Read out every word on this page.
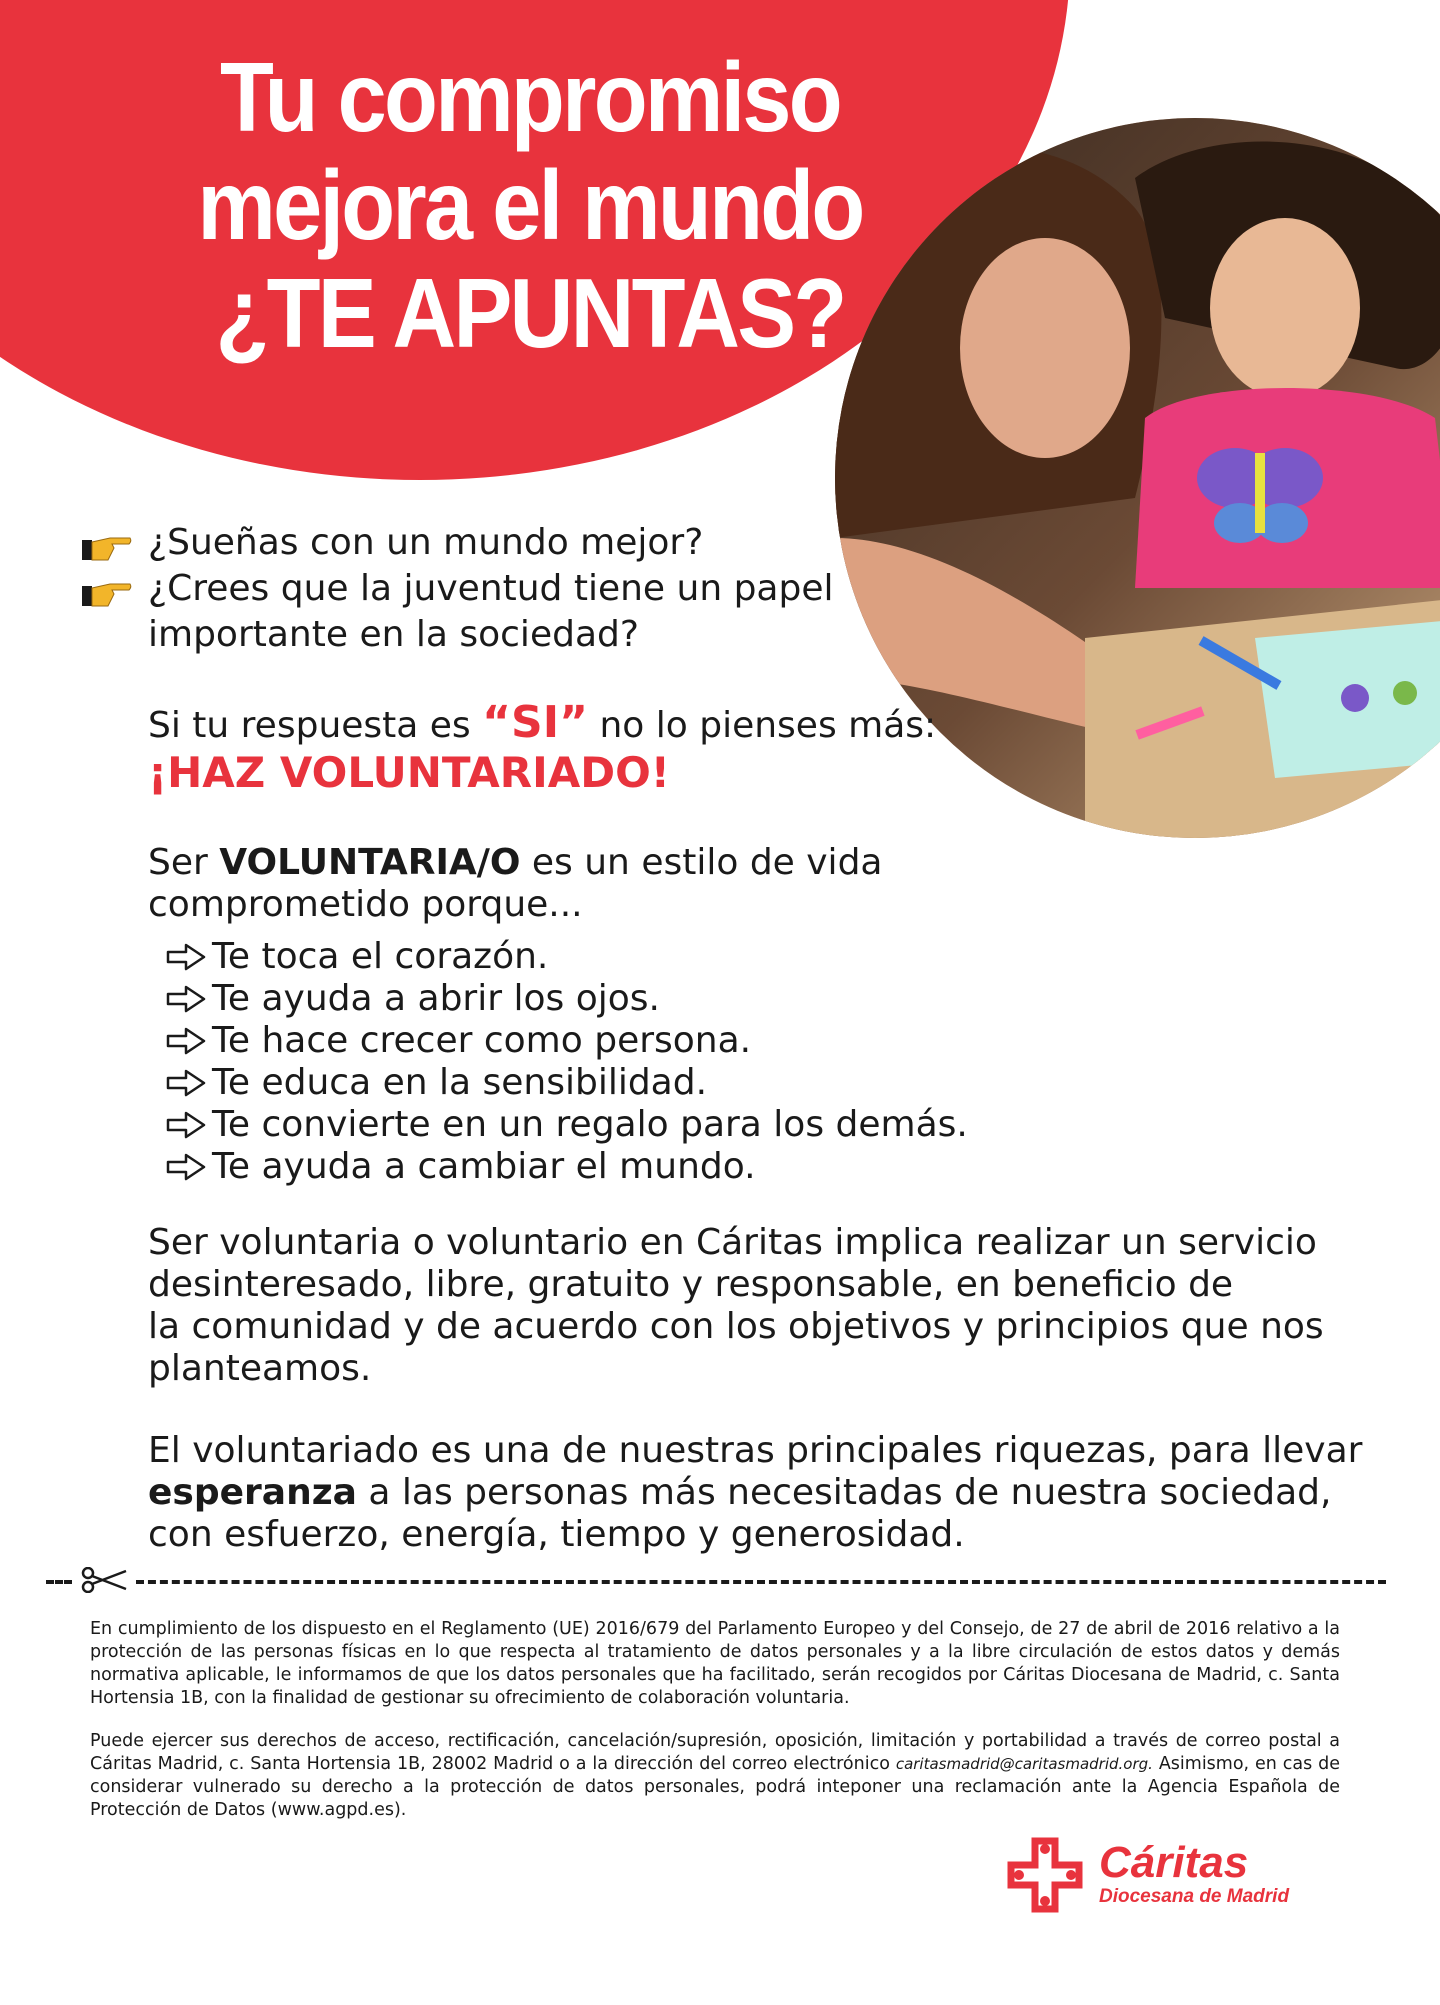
Tu compromiso
mejora el mundo
¿TE APUNTAS?
¿Sueñas con un mundo mejor?
¿Crees que la juventud tiene un papel
importante en la sociedad?
Si tu respuesta es “SI” no lo pienses más:
¡HAZ VOLUNTARIADO!
Ser VOLUNTARIA/O es un estilo de vida
comprometido porque...
Te toca el corazón.
Te ayuda a abrir los ojos.
Te hace crecer como persona.
Te educa en la sensibilidad.
Te convierte en un regalo para los demás.
Te ayuda a cambiar el mundo.
Ser voluntaria o voluntario en Cáritas implica realizar un servicio
desinteresado, libre, gratuito y responsable, en beneficio de
la comunidad y de acuerdo con los objetivos y principios que nos
planteamos.
El voluntariado es una de nuestras principales riquezas, para llevar
esperanza a las personas más necesitadas de nuestra sociedad,
con esfuerzo, energía, tiempo y generosidad.
En cumplimiento de los dispuesto en el Reglamento (UE) 2016/679 del Parlamento Europeo y del Consejo, de 27 de abril de 2016 relativo a la protección de las personas físicas en lo que respecta al tratamiento de datos personales y a la libre circulación de estos datos y demás normativa aplicable, le informamos de que los datos personales que ha facilitado, serán recogidos por Cáritas Diocesana de Madrid, c. Santa Hortensia 1B, con la finalidad de gestionar su ofrecimiento de colaboración voluntaria.
Puede ejercer sus derechos de acceso, rectificación, cancelación/supresión, oposición, limitación y portabilidad a través de correo postal a Cáritas Madrid, c. Santa Hortensia 1B, 28002 Madrid o a la dirección del correo electrónico caritasmadrid@caritasmadrid.org. Asimismo, en cas de considerar vulnerado su derecho a la protección de datos personales, podrá inteponer una reclamación ante la Agencia Española de Protección de Datos (www.agpd.es).
Cáritas
Diocesana de Madrid
